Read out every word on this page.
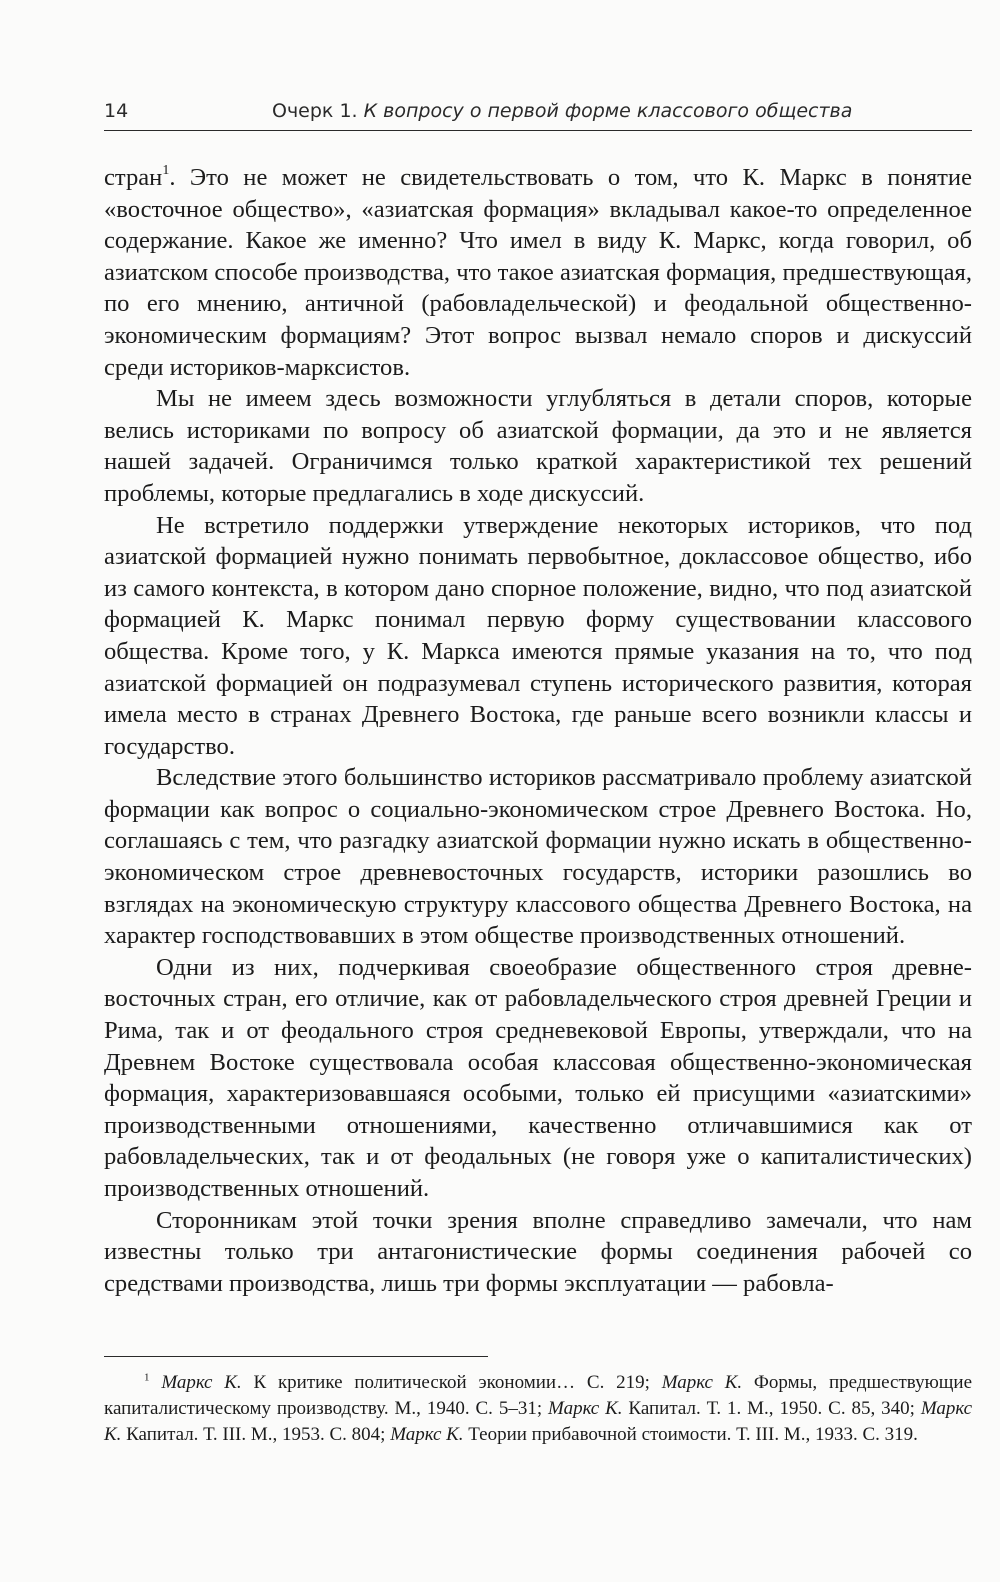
14	Очерк 1. К вопросу о первой форме классового общества

стран$^1$. Это не может не свидетельствовать о том, что К. Маркс в понятие «восточное общество», «азиатская формация» вкладывал какое-то определенное содержание. Какое же именно? Что имел в виду К. Маркс, когда говорил, об азиатском способе производства, что такое азиатская формация, предшествующая, по его мнению, античной (рабовладельческой) и феодальной общественно-экономическим формациям? Этот вопрос вызвал немало споров и дискуссий среди историков-марксистов.

Мы не имеем здесь возможности углубляться в детали споров, которые велись историками по вопросу об азиатской формации, да это и не является нашей задачей. Ограничимся только краткой характеристикой тех решений проблемы, которые предлагались в ходе дискуссий.

Не встретило поддержки утверждение некоторых историков, что под азиатской формацией нужно понимать первобытное, доклассовое общество, ибо из самого контекста, в котором дано спорное положение, видно, что под азиатской формацией К. Маркс понимал первую форму существовании классового общества. Кроме того, у К. Маркса имеются прямые указания на то, что под азиатской формацией он подразумевал ступень исторического развития, которая имела место в странах Древнего Востока, где раньше всего возникли классы и государство.

Вследствие этого большинство историков рассматривало проблему азиатской формации как вопрос о социально-экономическом строе Древнего Востока. Но, соглашаясь с тем, что разгадку азиатской формации нужно искать в общественно-экономическом строе древневосточных государств, историки разошлись во взглядах на экономическую структуру классового общества Древнего Востока, на характер господствовавших в этом обществе производственных отношений.

Одни из них, подчеркивая своеобразие общественного строя древневосточных стран, его отличие, как от рабовладельческого строя древней Греции и Рима, так и от феодального строя средневековой Европы, утверждали, что на Древнем Востоке существовала особая классовая общественно-экономическая формация, характеризовавшаяся особыми, только ей присущими «азиатскими» производственными отношениями, качественно отличавшимися как от рабовладельческих, так и от феодальных (не говоря уже о капиталистических) производственных отношений.

Сторонникам этой точки зрения вполне справедливо замечали, что нам известны только три антагонистические формы соединения рабочей со средствами производства, лишь три формы эксплуатации — рабовла-

$^1$ Маркс К. К критике политической экономии… С. 219; Маркс К. Формы, предшествующие капиталистическому производству. М., 1940. С. 5–31; Маркс К. Капитал. Т. 1. М., 1950. С. 85, 340; Маркс К. Капитал. Т. III. М., 1953. С. 804; Маркс К. Теории прибавочной стоимости. Т. III. М., 1933. С. 319.
